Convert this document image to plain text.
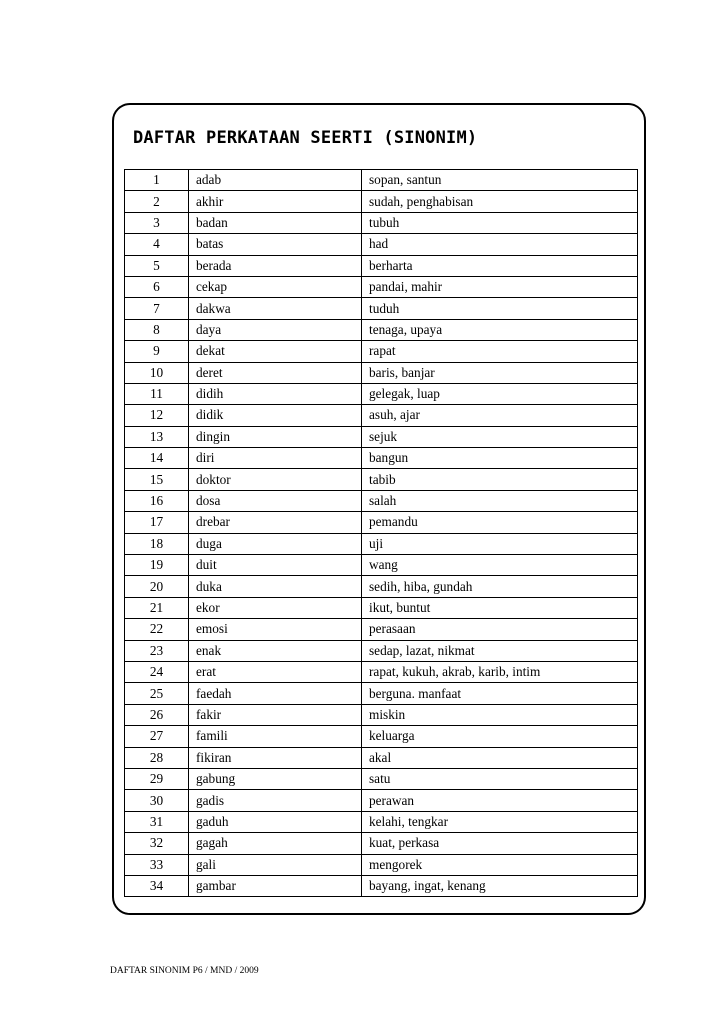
DAFTAR PERKATAAN SEERTI (SINONIM)
1	adab	sopan, santun
2	akhir	sudah, penghabisan
3	badan	tubuh
4	batas	had
5	berada	berharta
6	cekap	pandai, mahir
7	dakwa	tuduh
8	daya	tenaga, upaya
9	dekat	rapat
10	deret	baris, banjar
11	didih	gelegak, luap
12	didik	asuh, ajar
13	dingin	sejuk
14	diri	bangun
15	doktor	tabib
16	dosa	salah
17	drebar	pemandu
18	duga	uji
19	duit	wang
20	duka	sedih, hiba, gundah
21	ekor	ikut, buntut
22	emosi	perasaan
23	enak	sedap, lazat, nikmat
24	erat	rapat, kukuh, akrab, karib, intim
25	faedah	berguna. manfaat
26	fakir	miskin
27	famili	keluarga
28	fikiran	akal
29	gabung	satu
30	gadis	perawan
31	gaduh	kelahi, tengkar
32	gagah	kuat, perkasa
33	gali	mengorek
34	gambar	bayang, ingat, kenang
DAFTAR SINONIM P6 / MND / 2009
